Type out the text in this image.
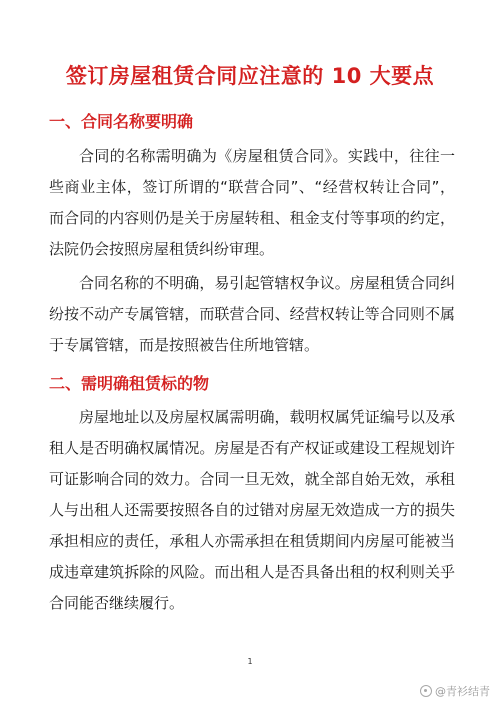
签订房屋租赁合同应注意的 10 大要点
一、合同名称要明确
合同的名称需明确为《房屋租赁合同》。实践中，往往一些商业主体，签订所谓的“联营合同”、“经营权转让合同”，而合同的内容则仍是关于房屋转租、租金支付等事项的约定，法院仍会按照房屋租赁纠纷审理。
合同名称的不明确，易引起管辖权争议。房屋租赁合同纠纷按不动产专属管辖，而联营合同、经营权转让等合同则不属于专属管辖，而是按照被告住所地管辖。
二、需明确租赁标的物
房屋地址以及房屋权属需明确，载明权属凭证编号以及承租人是否明确权属情况。房屋是否有产权证或建设工程规划许可证影响合同的效力。合同一旦无效，就全部自始无效，承租人与出租人还需要按照各自的过错对房屋无效造成一方的损失承担相应的责任，承租人亦需承担在租赁期间内房屋可能被当成违章建筑拆除的风险。而出租人是否具备出租的权利则关乎合同能否继续履行。
1
@青衫结青
